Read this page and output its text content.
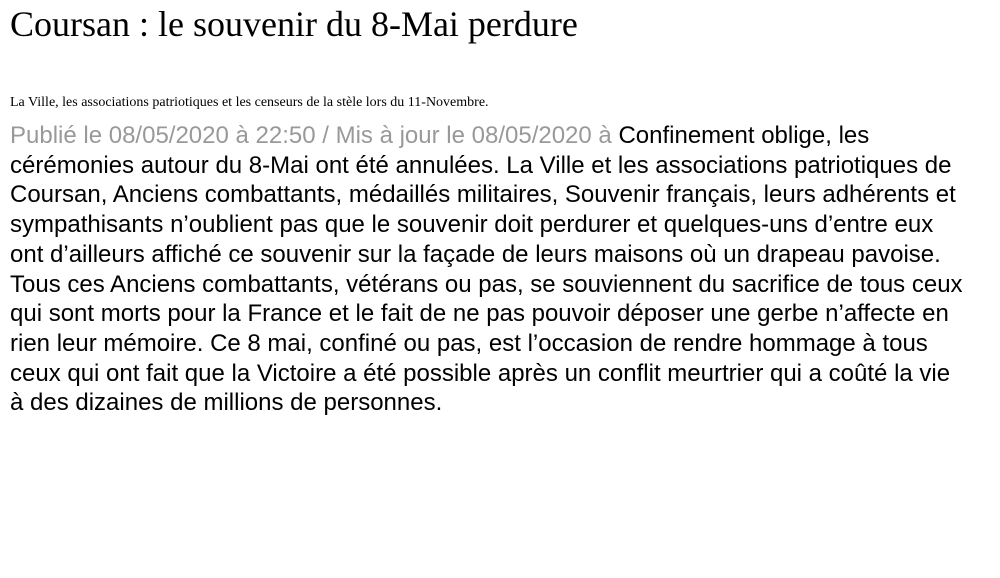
Coursan : le souvenir du 8-Mai perdure
La Ville, les associations patriotiques et les censeurs de la stèle lors du 11-Novembre.

Publié le 08/05/2020 à 22:50 / Mis à jour le 08/05/2020 à Confinement oblige, les cérémonies autour du 8-Mai ont été annulées. La Ville et les associations patriotiques de Coursan, Anciens combattants, médaillés militaires, Souvenir français, leurs adhérents et sympathisants n’oublient pas que le souvenir doit perdurer et quelques-uns d’entre eux ont d’ailleurs affiché ce souvenir sur la façade de leurs maisons où un drapeau pavoise. Tous ces Anciens combattants, vétérans ou pas, se souviennent du sacrifice de tous ceux qui sont morts pour la France et le fait de ne pas pouvoir déposer une gerbe n’affecte en rien leur mémoire. Ce 8 mai, confiné ou pas, est l’occasion de rendre hommage à tous ceux qui ont fait que la Victoire a été possible après un conflit meurtrier qui a coûté la vie à des dizaines de millions de personnes.
